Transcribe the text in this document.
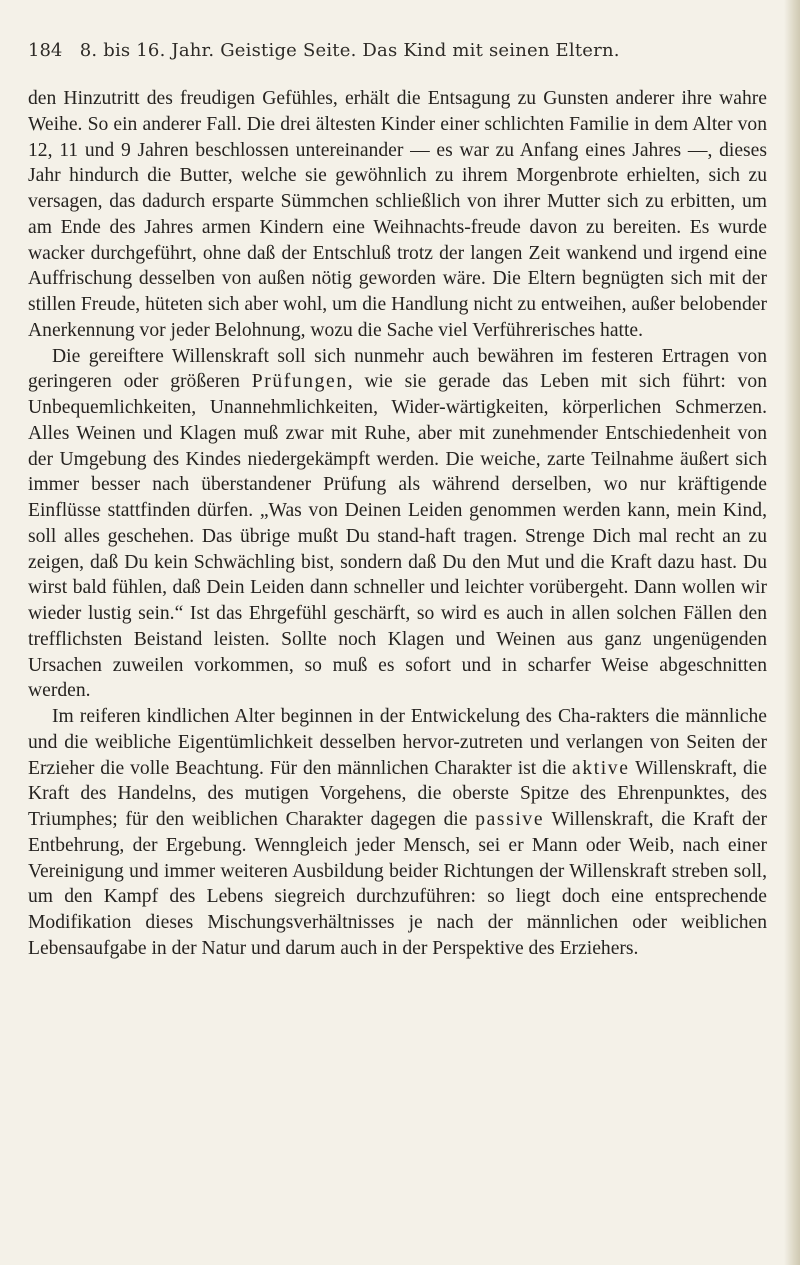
184 8. bis 16. Jahr. Geistige Seite. Das Kind mit seinen Eltern.

den Hinzutritt des freudigen Gefühles, erhält die Entsagung zu Gunsten anderer ihre wahre Weihe. So ein anderer Fall. Die drei ältesten Kinder einer schlichten Familie in dem Alter von 12, 11 und 9 Jahren beschlossen untereinander — es war zu Anfang eines Jahres —, dieses Jahr hindurch die Butter, welche sie gewöhnlich zu ihrem Morgenbrote erhielten, sich zu versagen, das dadurch ersparte Sümmchen schließlich von ihrer Mutter sich zu erbitten, um am Ende des Jahres armen Kindern eine Weihnachts-freude davon zu bereiten. Es wurde wacker durchgeführt, ohne daß der Entschluß trotz der langen Zeit wankend und irgend eine Auffrischung desselben von außen nötig geworden wäre. Die Eltern begnügten sich mit der stillen Freude, hüteten sich aber wohl, um die Handlung nicht zu entweihen, außer belobender Anerkennung vor jeder Belohnung, wozu die Sache viel Verführerisches hatte.

Die gereiftere Willenskraft soll sich nunmehr auch bewähren im festeren Ertragen von geringeren oder größeren Prüfungen, wie sie gerade das Leben mit sich führt: von Unbequemlichkeiten, Unannehmlichkeiten, Wider-wärtigkeiten, körperlichen Schmerzen. Alles Weinen und Klagen muß zwar mit Ruhe, aber mit zunehmender Entschiedenheit von der Umgebung des Kindes niedergekämpft werden. Die weiche, zarte Teilnahme äußert sich immer besser nach überstandener Prüfung als während derselben, wo nur kräftigende Einflüsse stattfinden dürfen. „Was von Deinen Leiden genommen werden kann, mein Kind, soll alles geschehen. Das übrige mußt Du stand-haft tragen. Strenge Dich mal recht an zu zeigen, daß Du kein Schwächling bist, sondern daß Du den Mut und die Kraft dazu hast. Du wirst bald fühlen, daß Dein Leiden dann schneller und leichter vorübergeht. Dann wollen wir wieder lustig sein.“ Ist das Ehrgefühl geschärft, so wird es auch in allen solchen Fällen den trefflichsten Beistand leisten. Sollte noch Klagen und Weinen aus ganz ungenügenden Ursachen zuweilen vorkommen, so muß es sofort und in scharfer Weise abgeschnitten werden.

Im reiferen kindlichen Alter beginnen in der Entwickelung des Cha-rakters die männliche und die weibliche Eigentümlichkeit desselben hervor-zutreten und verlangen von Seiten der Erzieher die volle Beachtung. Für den männlichen Charakter ist die aktive Willenskraft, die Kraft des Handelns, des mutigen Vorgehens, die oberste Spitze des Ehrenpunktes, des Triumphes; für den weiblichen Charakter dagegen die passive Willenskraft, die Kraft der Entbehrung, der Ergebung. Wenngleich jeder Mensch, sei er Mann oder Weib, nach einer Vereinigung und immer weiteren Ausbildung beider Richtungen der Willenskraft streben soll, um den Kampf des Lebens siegreich durchzuführen: so liegt doch eine entsprechende Modifikation dieses Mischungsverhältnisses je nach der männlichen oder weiblichen Lebensaufgabe in der Natur und darum auch in der Perspektive des Erziehers.
